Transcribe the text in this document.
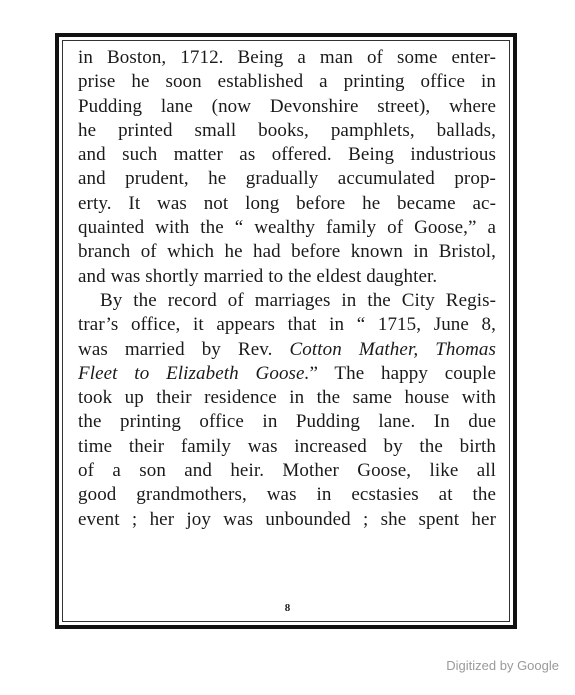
in Boston, 1712. Being a man of some enter-
prise he soon established a printing office in
Pudding lane (now Devonshire street), where
he printed small books, pamphlets, ballads,
and such matter as offered. Being industrious
and prudent, he gradually accumulated prop-
erty. It was not long before he became ac-
quainted with the “ wealthy family of Goose,” a
branch of which he had before known in Bristol,
and was shortly married to the eldest daughter.
By the record of marriages in the City Regis-
trar’s office, it appears that in “ 1715, June 8,
was married by Rev. Cotton Mather, Thomas
Fleet to Elizabeth Goose.” The happy couple
took up their residence in the same house with
the printing office in Pudding lane. In due
time their family was increased by the birth
of a son and heir. Mother Goose, like all
good grandmothers, was in ecstasies at the
event ; her joy was unbounded ; she spent her
8
Digitized by Google
